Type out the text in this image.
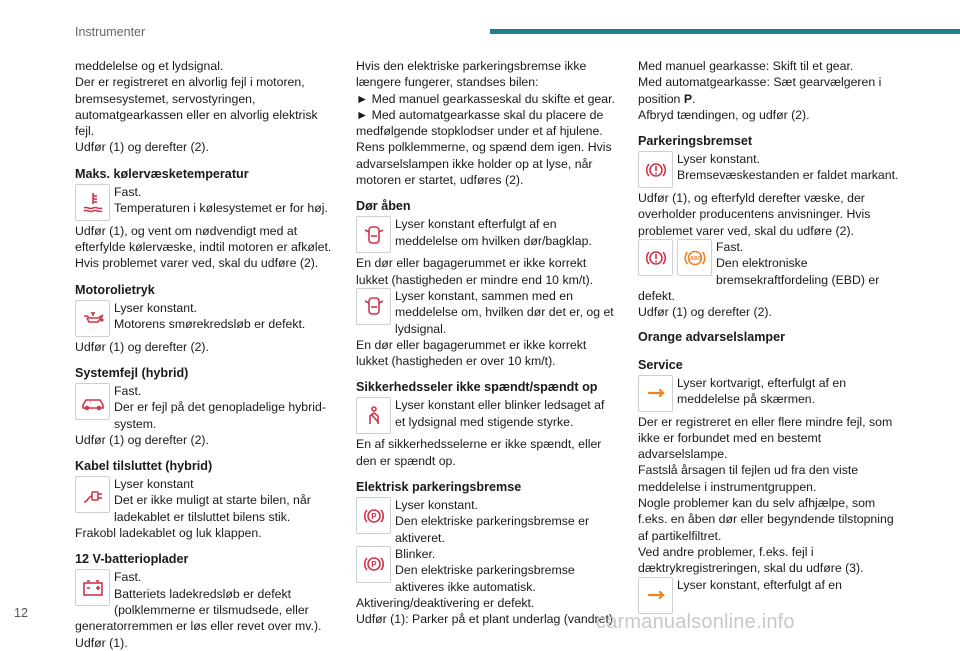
Instrumenter

meddelelse og et lydsignal.

Der er registreret en alvorlig fejl i motoren, bremsesystemet, servostyringen, automatgearkassen eller en alvorlig elektrisk fejl.

Udfør (1) og derefter (2).

Maks. kølervæsketemperatur

Fast.

Temperaturen i kølesystemet er for høj.

Udfør (1), og vent om nødvendigt med at efterfylde kølervæske, indtil motoren er afkølet.

Hvis problemet varer ved, skal du udføre (2).

Motorolietryk

Lyser konstant.

Motorens smørekredsløb er defekt.

Udfør (1) og derefter (2).

Systemfejl (hybrid)
!

Fast.

Der er fejl på det genopladelige hybrid-system.

Udfør (1) og derefter (2).

Kabel tilsluttet (hybrid)

Lyser konstant

Det er ikke muligt at starte bilen, når ladekablet er tilsluttet bilens stik.

Frakobl ladekablet og luk klappen.

12 V-batterioplader

Fast.

Batteriets ladekredsløb er defekt (polklemmerne er tilsmudsede, eller generatorremmen er løs eller revet over mv.).

Udfør (1).

Hvis den elektriske parkeringsbremse ikke længere fungerer, standses bilen:

► Med manuel gearkasseskal du skifte et gear.

► Med automatgearkasse skal du placere de medfølgende stopklodser under et af hjulene.

Rens polklemmerne, og spænd dem igen. Hvis advarselslampen ikke holder op at lyse, når motoren er startet, udføres (2).

Dør åben

Lyser konstant efterfulgt af en meddelelse om hvilken dør/bagklap.

En dør eller bagagerummet er ikke korrekt lukket (hastigheden er mindre end 10 km/t).

Lyser konstant, sammen med en meddelelse om, hvilken dør det er, og et lydsignal.

En dør eller bagagerummet er ikke korrekt lukket (hastigheden er over 10 km/t).

Sikkerhedsseler ikke spændt/spændt op

Lyser konstant eller blinker ledsaget af et lydsignal med stigende styrke.

En af sikkerhedsselerne er ikke spændt, eller den er spændt op.

Elektrisk parkeringsbremse
P

Lyser konstant.

Den elektriske parkeringsbremse er aktiveret.

P

Blinker.

Den elektriske parkeringsbremse aktiveres ikke automatisk.

Aktivering/deaktivering er defekt.

Udfør (1): Parker på et plant underlag (vandret).

Med manuel gearkasse: Skift til et gear.

Med automatgearkasse: Sæt gearvælgeren i position P.

Afbryd tændingen, og udfør (2).

Parkeringsbremset

Lyser konstant.

Bremsevæskestanden er faldet markant.

Udfør (1), og efterfyld derefter væske, der overholder producentens anvisninger. Hvis problemet varer ved, skal du udføre (2).

ABS

Fast.

Den elektroniske bremsekraftfordeling (EBD) er defekt.

Udfør (1) og derefter (2).

Orange advarselslamper
Service

Lyser kortvarigt, efterfulgt af en meddelelse på skærmen.

Der er registreret en eller flere mindre fejl, som ikke er forbundet med en bestemt advarselslampe.

Fastslå årsagen til fejlen ud fra den viste meddelelse i instrumentgruppen.

Nogle problemer kan du selv afhjælpe, som f.eks. en åben dør eller begyndende tilstopning af partikelfiltret.

Ved andre problemer, f.eks. fejl i dæktrykregistreringen, skal du udføre (3).

Lyser konstant, efterfulgt af en

12	carmanualsonline.info
